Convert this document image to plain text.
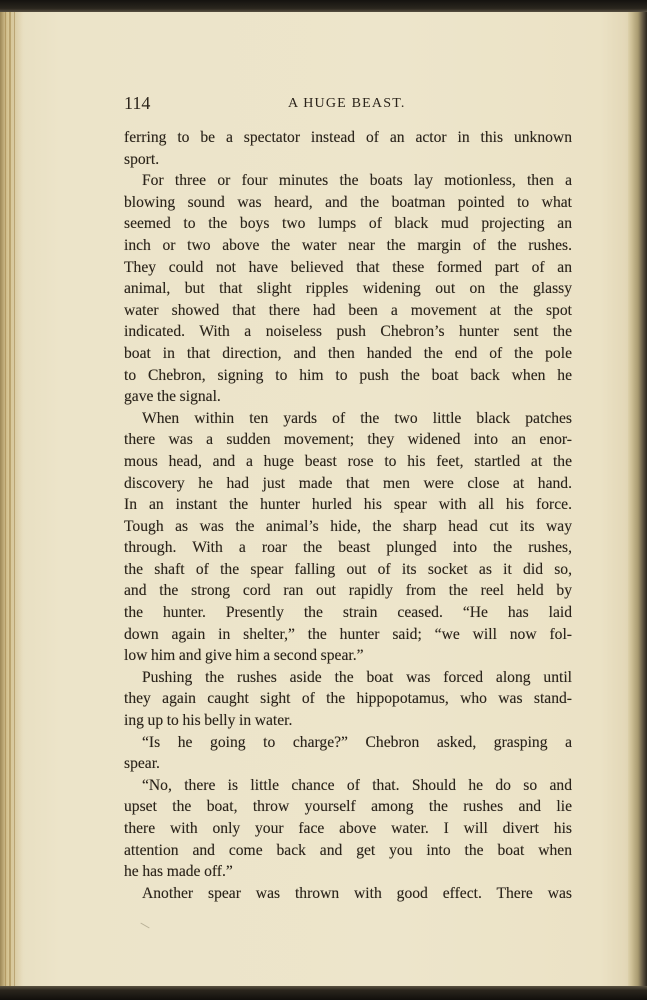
114	A HUGE BEAST.
ferring to be a spectator instead of an actor in this unknown
sport.
For three or four minutes the boats lay motionless, then a
blowing sound was heard, and the boatman pointed to what
seemed to the boys two lumps of black mud projecting an
inch or two above the water near the margin of the rushes.
They could not have believed that these formed part of an
animal, but that slight ripples widening out on the glassy
water showed that there had been a movement at the spot
indicated. With a noiseless push Chebron’s hunter sent the
boat in that direction, and then handed the end of the pole
to Chebron, signing to him to push the boat back when he
gave the signal.
When within ten yards of the two little black patches
there was a sudden movement; they widened into an enor-
mous head, and a huge beast rose to his feet, startled at the
discovery he had just made that men were close at hand.
In an instant the hunter hurled his spear with all his force.
Tough as was the animal’s hide, the sharp head cut its way
through. With a roar the beast plunged into the rushes,
the shaft of the spear falling out of its socket as it did so,
and the strong cord ran out rapidly from the reel held by
the hunter. Presently the strain ceased. “He has laid
down again in shelter,” the hunter said; “we will now fol-
low him and give him a second spear.”
Pushing the rushes aside the boat was forced along until
they again caught sight of the hippopotamus, who was stand-
ing up to his belly in water.
“Is he going to charge?” Chebron asked, grasping a
spear.
“No, there is little chance of that. Should he do so and
upset the boat, throw yourself among the rushes and lie
there with only your face above water. I will divert his
attention and come back and get you into the boat when
he has made off.”
Another spear was thrown with good effect. There was
